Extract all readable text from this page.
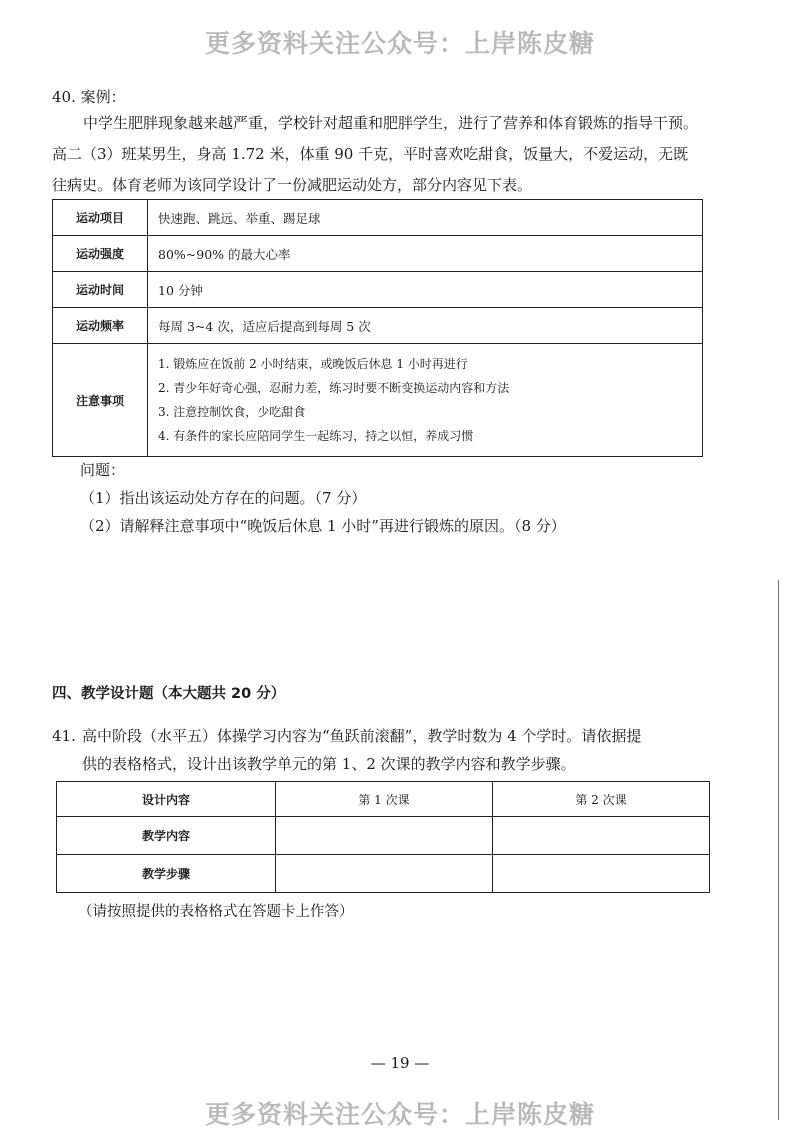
更多资料关注公众号：上岸陈皮糖
40. 案例：
中学生肥胖现象越来越严重，学校针对超重和肥胖学生，进行了营养和体育锻炼的指导干预。高二（3）班某男生，身高 1.72 米，体重 90 千克，平时喜欢吃甜食，饭量大，不爱运动，无既往病史。体育老师为该同学设计了一份减肥运动处方，部分内容见下表。
运动项目	快速跑、跳远、举重、踢足球
运动强度	80%~90% 的最大心率
运动时间	10 分钟
运动频率	每周 3~4 次，适应后提高到每周 5 次
注意事项	1. 锻炼应在饭前 2 小时结束，或晚饭后休息 1 小时再进行
2. 青少年好奇心强，忍耐力差，练习时要不断变换运动内容和方法
3. 注意控制饮食，少吃甜食
4. 有条件的家长应陪同学生一起练习，持之以恒，养成习惯
问题：
（1）指出该运动处方存在的问题。（7 分）
（2）请解释注意事项中“晚饭后休息 1 小时”再进行锻炼的原因。（8 分）
四、教学设计题（本大题共 20 分）
41. 高中阶段（水平五）体操学习内容为“鱼跃前滚翻”，教学时数为 4 个学时。请依据提
供的表格格式，设计出该教学单元的第 1、2 次课的教学内容和教学步骤。
设计内容	第 1 次课	第 2 次课
教学内容		
教学步骤		
（请按照提供的表格格式在答题卡上作答）
— 19 —
更多资料关注公众号：上岸陈皮糖
